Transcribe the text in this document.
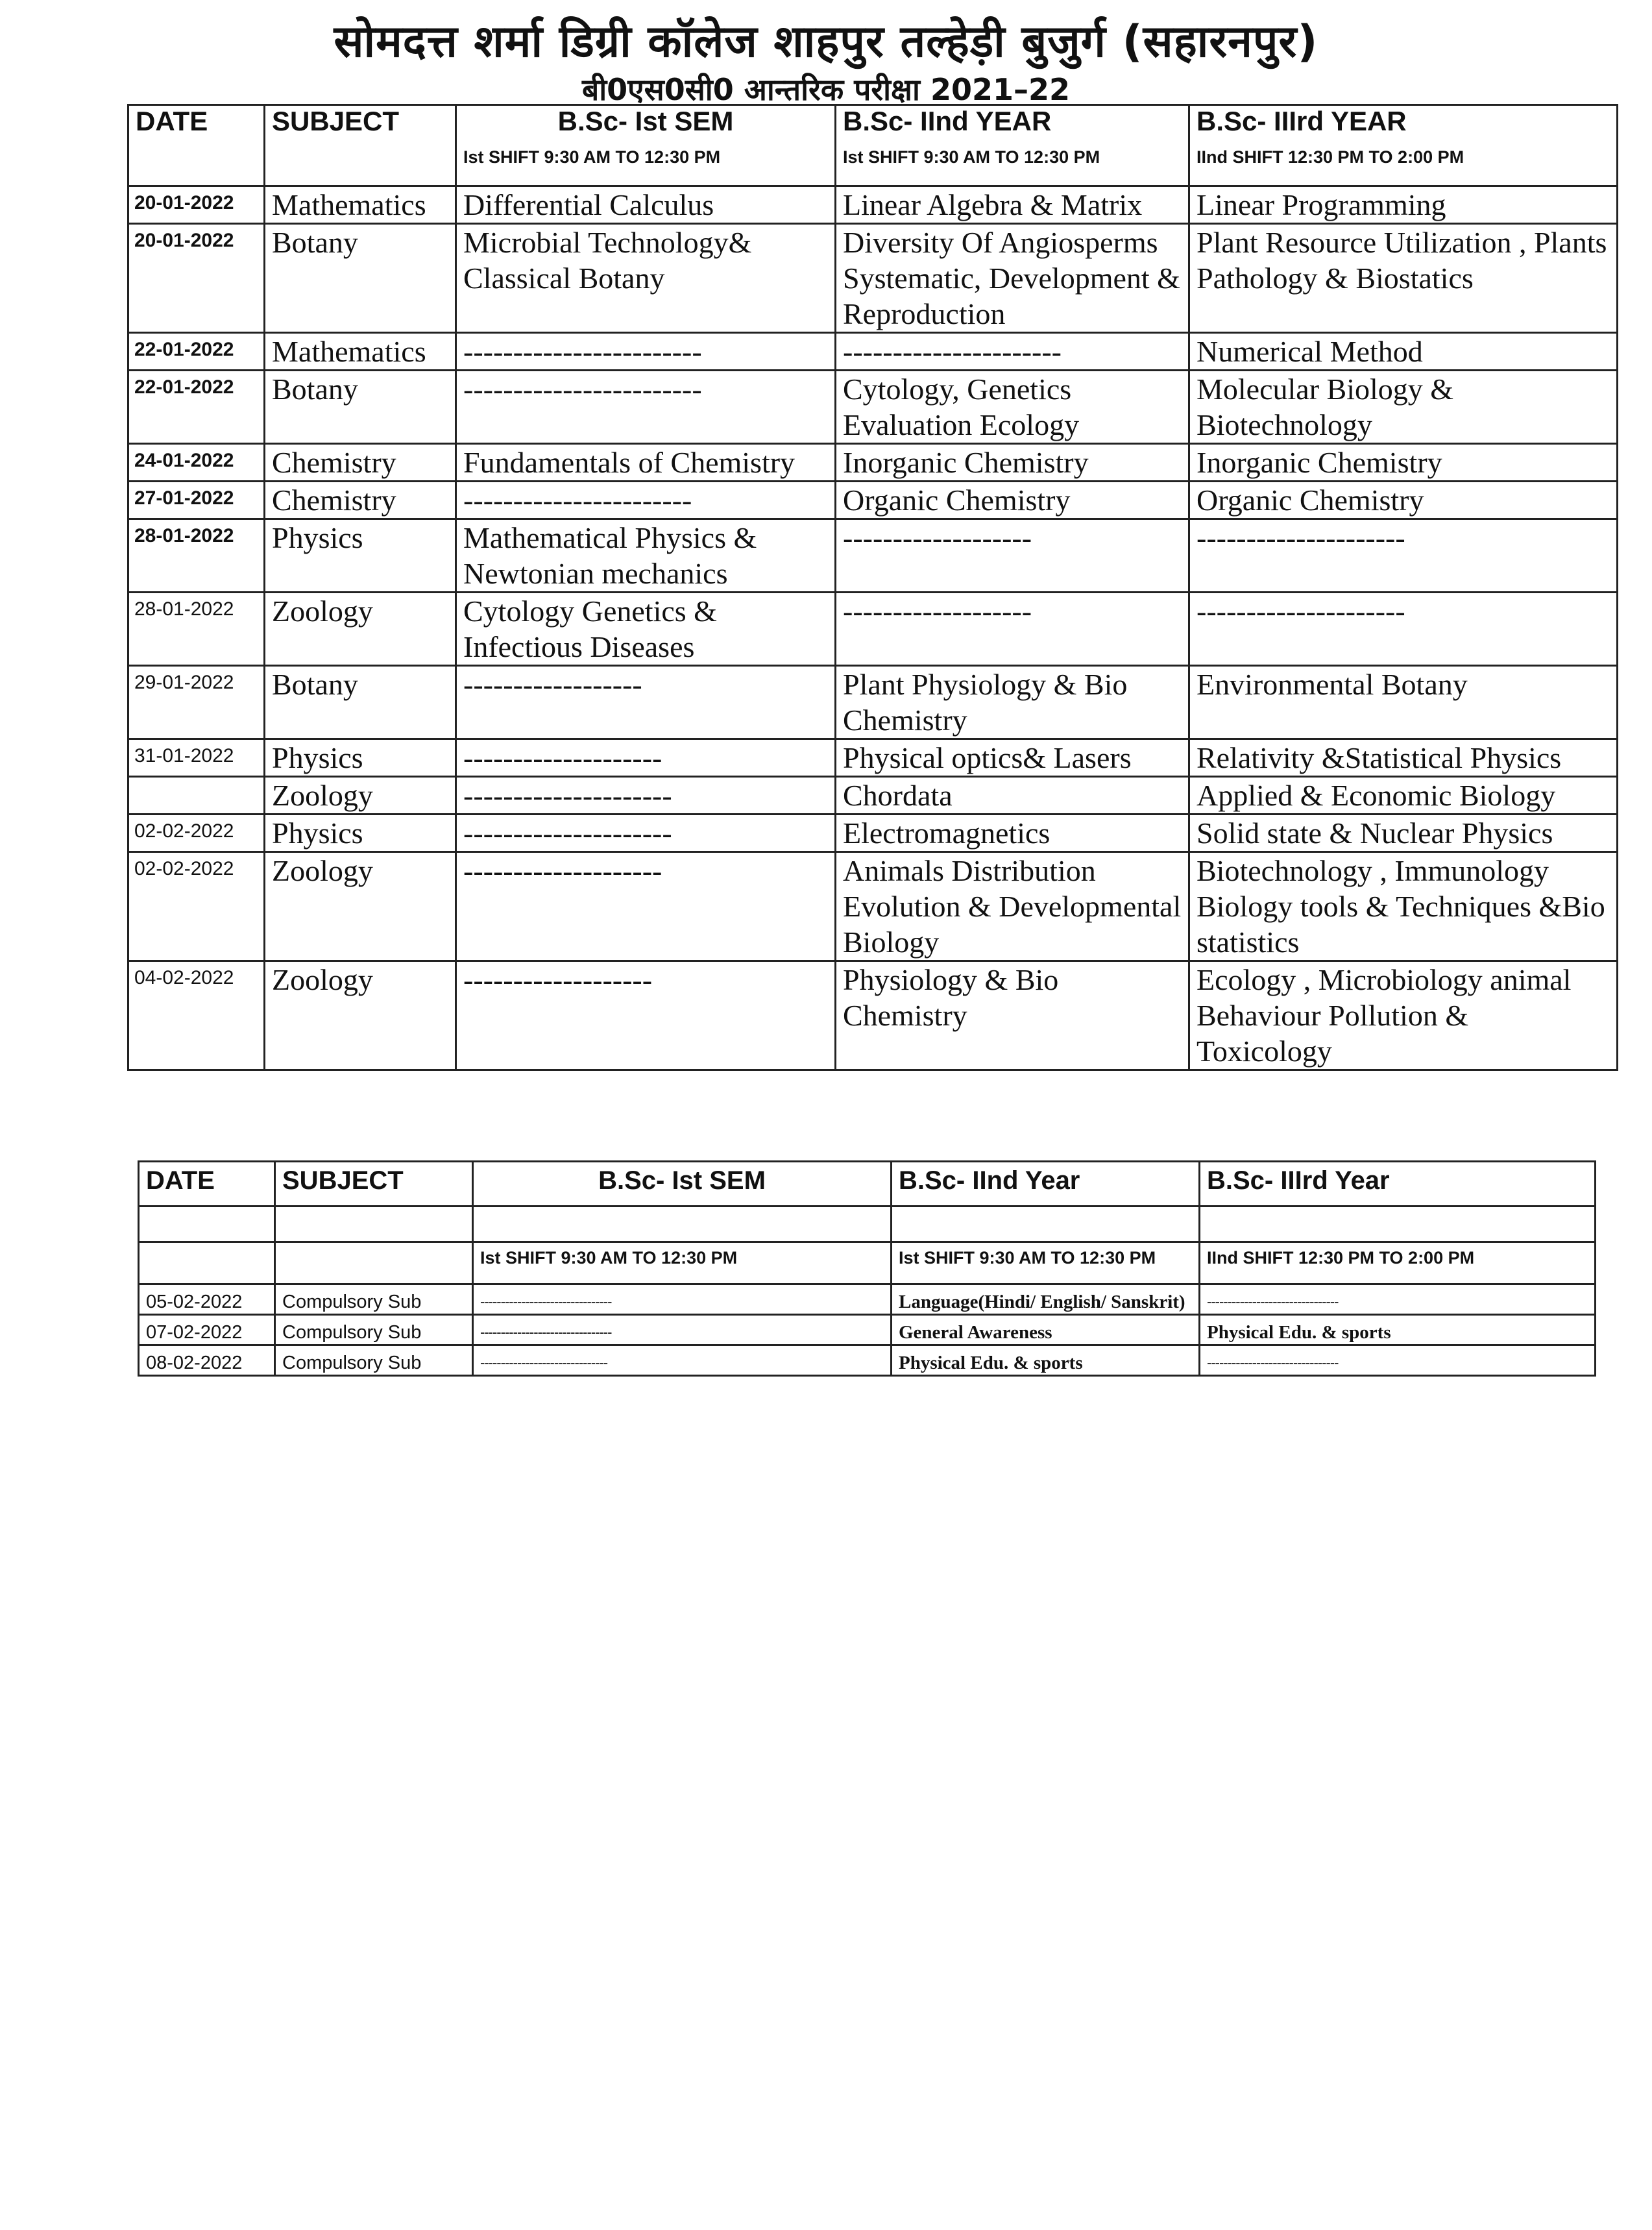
सोमदत्त शर्मा डिग्री कॉलेज शाहपुर तल्हेड़ी बुजुर्ग (सहारनपुर)
बी0एस0सी0 आन्तरिक परीक्षा 2021–22
DATE	SUBJECT	B.Sc- Ist SEM	B.Sc- IInd YEAR	B.Sc- IIIrd YEAR
		Ist SHIFT 9:30 AM TO 12:30 PM	Ist SHIFT 9:30 AM TO 12:30 PM	IInd SHIFT 12:30 PM TO 2:00 PM
20-01-2022	Mathematics	Differential Calculus	Linear Algebra & Matrix	Linear Programming
20-01-2022	Botany	Microbial Technology& Classical Botany	Diversity Of Angiosperms Systematic, Development & Reproduction	Plant Resource Utilization , Plants Pathology & Biostatics
22-01-2022	Mathematics	------------------------	----------------------	Numerical Method
22-01-2022	Botany	------------------------	Cytology, Genetics Evaluation Ecology	Molecular Biology & Biotechnology
24-01-2022	Chemistry	Fundamentals of Chemistry	Inorganic Chemistry	Inorganic Chemistry
27-01-2022	Chemistry	-----------------------	Organic Chemistry	Organic Chemistry
28-01-2022	Physics	Mathematical Physics & Newtonian mechanics	-------------------	---------------------
28-01-2022	Zoology	Cytology Genetics & Infectious Diseases	-------------------	---------------------
29-01-2022	Botany	------------------	Plant Physiology & Bio Chemistry	Environmental Botany
31-01-2022	Physics	--------------------	Physical optics& Lasers	Relativity &Statistical Physics
	Zoology	---------------------	Chordata	Applied & Economic Biology
02-02-2022	Physics	---------------------	Electromagnetics	Solid state & Nuclear Physics
02-02-2022	Zoology	--------------------	Animals Distribution Evolution & Developmental Biology	Biotechnology , Immunology Biology tools & Techniques &Bio statistics
04-02-2022	Zoology	-------------------	Physiology & Bio Chemistry	Ecology , Microbiology animal Behaviour Pollution & Toxicology
DATE	SUBJECT	B.Sc- Ist SEM	B.Sc- IInd Year	B.Sc- IIIrd Year

		Ist SHIFT 9:30 AM TO 12:30 PM	Ist SHIFT 9:30 AM TO 12:30 PM	IInd SHIFT 12:30 PM TO 2:00 PM
05-02-2022	Compulsory Sub	--------------------------------	Language(Hindi/ English/ Sanskrit)	--------------------------------
07-02-2022	Compulsory Sub	--------------------------------	General Awareness	Physical Edu. & sports
08-02-2022	Compulsory Sub	-------------------------------	Physical Edu. & sports	--------------------------------
